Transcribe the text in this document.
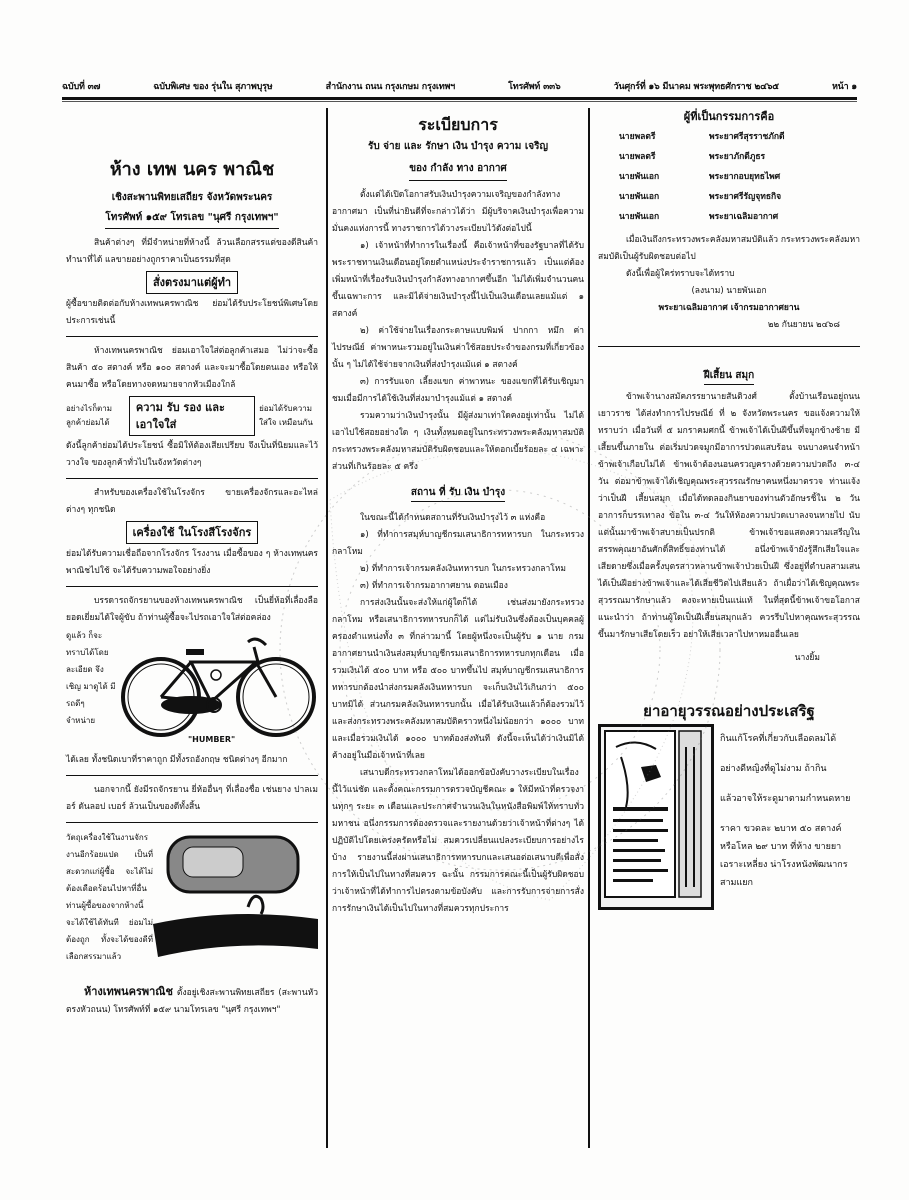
ฉบับที่ ๓๗	ฉบับพิเศษ ของ รุ่นใน สุภาพบุรุษ	สำนักงาน ถนน กรุงเกษม กรุงเทพฯ	โทรศัพท์ ๓๓๖	วันศุกร์ที่ ๑๖ มีนาคม พระพุทธศักราช ๒๔๖๕	หน้า ๑
ห้าง เทพ นคร พาณิช
เชิงสะพานพิทยเสถียร จังหวัดพระนคร
โทรศัพท์ ๑๕๙ โทรเลข "นุศรี กรุงเทพฯ"

สินค้าต่างๆ ที่มีจำหน่ายที่ห้างนี้ ล้วนเลือกสรรแต่ของดีสินค้าทำนาที่ได้ แลขายอย่างถูกราคาเป็นธรรมที่สุด

สั่งตรงมาแต่ผู้ทำ

ผู้ซื้อขายติดต่อกับห้างเทพนครพาณิช ย่อมได้รับประโยชน์พิเศษโดยประการเช่นนี้

ห้างเทพนครพาณิช ย่อมเอาใจใส่ต่อลูกค้าเสมอ ไม่ว่าจะซื้อสินค้า ๕๐ สตางค์ หรือ ๑๐๐ สตางค์ และจะมาซื้อโดยตนเอง หรือให้คนมาซื้อ หรือโดยทางจดหมายจากหัวเมืองใกล้

อย่างไรก็ตาม ลูกค้าย่อมได้
ความ รับ รอง และ เอาใจใส่
ย่อมได้รับความใส่ใจ เหมือนกัน

ดังนี้ลูกค้าย่อมได้ประโยชน์ ซื้อมิให้ต้องเสียเปรียบ จึงเป็นที่นิยมและไว้วางใจ ของลูกค้าทั่วไปในจังหวัดต่างๆ

สำหรับของเครื่องใช้ในโรงจักร ขายเครื่องจักรและอะไหล่ต่างๆ ทุกชนิด

เครื่องใช้ ในโรงสีโรงจักร

ย่อมได้รับความเชื่อถือจากโรงจักร โรงงาน เมื่อซื้อของ ๆ ห้างเทพนครพาณิชไปใช้ จะได้รับความพอใจอย่างยิ่ง

บรรดารถจักรยานของห้างเทพนครพาณิช เป็นยี่ห้อที่เลื่องลือ ยอดเยี่ยมได้ใจผู้ขับ ถ้าท่านผู้ซื้อจะไปรถเอาใจใส่ต่อคล่อง

ดูแล้ว ก็จะทราบได้โดยละเอียด จึงเชิญ มาดูได้ มีรถดีๆ จำหน่าย
"HUMBER"

ได้เลย ทั้งชนิดเบาที่ราคาถูก มีทั้งรถอังกฤษ ชนิดต่างๆ อีกมาก

นอกจากนี้ ยังมีรถจักรยาน ยี่ห้ออื่นๆ ที่เลื่องชื่อ เช่นยาง ปาลเมอร์ ดันลอป เบอร์ ล้วนเป็นของดีทั้งสิ้น

วัตถุเครื่องใช้ในงานจักร งานอีกร้อยแปด เป็นที่สะดวกแก่ผู้ซื้อ จะได้ไม่ต้องเดือดร้อนไปหาที่อื่น ท่านผู้ซื้อของจากห้างนี้ จะได้ใช้ได้ทันที ย่อมไม่ต้องถูก ทั้งจะได้ของดีที่เลือกสรรมาแล้ว

ห้างเทพนครพาณิช ตั้งอยู่เชิงสะพานพิทยเสถียร (สะพานหัว ตรงหัวถนน) โทรศัพท์ที่ ๑๕๙ นามโทรเลข "นุศรี กรุงเทพฯ"

ระเบียบการ
รับ จ่าย และ รักษา เงิน บำรุง ความ เจริญ
ของ กำลัง ทาง อากาศ

ตั้งแต่ได้เปิดโอกาสรับเงินบำรุงความเจริญของกำลังทางอากาศมา เป็นที่น่ายินดีที่จะกล่าวได้ว่า มีผู้บริจาคเงินบำรุงเพื่อความมั่นคงแห่งการนี้ ทางราชการได้วางระเบียบไว้ดังต่อไปนี้

๑) เจ้าหน้าที่ทำการในเรื่องนี้ คือเจ้าหน้าที่ของรัฐบาลที่ได้รับพระราชทานเงินเดือนอยู่โดยตำแหน่งประจำราชการแล้ว เป็นแต่ต้องเพิ่มหน้าที่เรื่องรับเงินบำรุงกำลังทางอากาศขึ้นอีก ไม่ได้เพิ่มจำนวนคนขึ้นเฉพาะการ และมิได้จ่ายเงินบำรุงนี้ไปเป็นเงินเดือนเลยแม้แต่ ๑ สตางค์

๒) ค่าใช้จ่ายในเรื่องกระดาษแบบพิมพ์ ปากกา หมึก ค่าไปรษณีย์ ค่าพาหนะรวมอยู่ในเงินค่าใช้สอยประจำของกรมที่เกี่ยวข้องนั้น ๆ ไม่ได้ใช้จ่ายจากเงินที่ส่งบำรุงแม้แต่ ๑ สตางค์

๓) การรับแจก เลี้ยงแขก ค่าพาหนะ ของแขกที่ได้รับเชิญมาชมเมื่อมีการได้ใช้เงินที่ส่งมาบำรุงแม้แต่ ๑ สตางค์

รวมความว่าเงินบำรุงนั้น มีผู้ส่งมาเท่าใดคงอยู่เท่านั้น ไม่ได้เอาไปใช้สอยอย่างใด ๆ เงินทั้งหมดอยู่ในกระทรวงพระคลังมหาสมบัติ กระทรวงพระคลังมหาสมบัติรับผิดชอบและให้ดอกเบี้ยร้อยละ ๔ เฉพาะส่วนที่เกินร้อยละ ๕ ครึ่ง

สถาน ที่ รับ เงิน บำรุง

ในขณะนี้ได้กำหนดสถานที่รับเงินบำรุงไว้ ๓ แห่งคือ

๑) ที่ทำการสมุห์บาญชีกรมเสนาธิการทหารบก ในกระทรวงกลาโหม

๒) ที่ทำการเจ้ากรมคลังเงินทหารบก ในกระทรวงกลาโหม

๓) ที่ทำการเจ้ากรมอากาศยาน ดอนเมือง

การส่งเงินนั้นจะส่งให้แก่ผู้ใดก็ได้ เช่นส่งมายังกระทรวงกลาโหม หรือเสนาธิการทหารบกก็ได้ แต่ไม่รับเงินซึ่งต้องเป็นบุคคลผู้ครองตำแหน่งทั้ง ๓ ที่กล่าวมานี้ โดยผู้หนึ่งจะเป็นผู้รับ ๑ นาย กรมอากาศยานนำเงินส่งสมุห์บาญชีกรมเสนาธิการทหารบกทุกเดือน เมื่อรวมเงินได้ ๕๐๐ บาท หรือ ๕๐๐ บาทขึ้นไป สมุห์บาญชีกรมเสนาธิการทหารบกต้องนำส่งกรมคลังเงินทหารบก จะเก็บเงินไว้เกินกว่า ๕๐๐ บาทมิได้ ส่วนกรมคลังเงินทหารบกนั้น เมื่อได้รับเงินแล้วก็ต้องรวมไว้และส่งกระทรวงพระคลังมหาสมบัติคราวหนึ่งไม่น้อยกว่า ๑๐๐๐ บาท และเมื่อรวมเงินได้ ๑๐๐๐ บาทต้องส่งทันที ดังนี้จะเห็นได้ว่าเงินมิได้ค้างอยู่ในมือเจ้าหน้าที่เลย

เสนาบดีกระทรวงกลาโหมได้ออกข้อบังคับวางระเบียบในเรื่องนี้ไว้แน่ชัด และตั้งคณะกรรมการตรวจบัญชีคณะ ๑ ให้มีหน้าที่ตรวจงานทุกๆ ระยะ ๓ เดือนและประกาศจำนวนเงินในหนังสือพิมพ์ให้ทราบทั่วมหาชน อนึ่งกรรมการต้องตรวจและรายงานด้วยว่าเจ้าหน้าที่ต่างๆ ได้ปฏิบัติไปโดยเคร่งครัดหรือไม่ สมควรเปลี่ยนแปลงระเบียบการอย่างไรบ้าง รายงานนี้ส่งผ่านเสนาธิการทหารบกและเสนอต่อเสนาบดีเพื่อสั่งการให้เป็นไปในทางที่สมควร ฉะนั้น กรรมการคณะนี้เป็นผู้รับผิดชอบว่าเจ้าหน้าที่ได้ทำการไปตรงตามข้อบังคับ และการรับการจ่ายการสั่งการรักษาเงินได้เป็นไปในทางที่สมควรทุกประการ

ผู้ที่เป็นกรรมการคือ
นายพลตรี	พระยาศรีสุรราชภักดี
นายพลตรี	พระยาภักดีภูธร
นายพันเอก	พระยากอบยุทธไพศ
นายพันเอก	พระยาศรีรัญจุทธกิจ
นายพันเอก	พระยาเฉลิมอากาศ

เมื่อเงินถึงกระทรวงพระคลังมหาสมบัติแล้ว กระทรวงพระคลังมหาสมบัติเป็นผู้รับผิดชอบต่อไป

ดังนี้เพื่อผู้ใคร่ทราบจะได้ทราบ

(ลงนาม) นายพันเอก
พระยาเฉลิมอากาศ เจ้ากรมอากาศยาน
๒๒ กันยายน ๒๔๖๘
ฝีเสี้ยน สมุก

ข้าพเจ้านางสมัคภรรยานายสันติวงศ์ ตั้งบ้านเรือนอยู่ถนนเยาวราช ได้ส่งทำการไปรษณีย์ ที่ ๒ จังหวัดพระนคร ขอแจ้งความให้ทราบว่า เมื่อวันที่ ๕ มกราคมศกนี้ ข้าพเจ้าได้เป็นฝีขึ้นที่จมูกข้างซ้าย มีเสี้ยนขึ้นภายใน ต่อเริ่มปวดจมูกมีอาการปวดแสบร้อน จนบางคนจำหน้าข้าพเจ้าเกือบไม่ได้ ข้าพเจ้าต้องนอนครวญครางด้วยความปวดถึง ๓-๔ วัน ต่อมาข้าพเจ้าได้เชิญคุณพระสุวรรณรักษาคนหนึ่งมาตรวจ ท่านแจ้งว่าเป็นฝี เสี้ยนสมุก เมื่อได้ทดลองกินยาของท่านตัวอักษรชิ้ใน ๒ วันอาการก็บรรเทาลง ข้อใน ๓-๔ วันให้ห้องความปวดเบาลงจนหายไป นับแต่นั้นมาข้าพเจ้าสบายเป็นปรกติ ข้าพเจ้าขอแสดงความเสรีญในสรรพคุณยาอันศักดิ์สิทธิ์ของท่านได้ อนึ่งข้าพเจ้ายังรู้สึกเสียใจและเสียดายซึ่งเมื่อครั้งบุตรสาวหลานข้าพเจ้าป่วยเป็นฝี ซึ่งอยู่ที่ตำบลสามเสนได้เป็นฝีอย่างข้าพเจ้าและได้เสียชีวิตไปเสียแล้ว ถ้าเผื่อว่าได้เชิญคุณพระสุวรรณมารักษาแล้ว คงจะหายเป็นแน่แท้ ในที่สุดนี้ข้าพเจ้าขอโอกาสแนะนำว่า ถ้าท่านผู้ใดเป็นฝีเสี้ยนสมุกแล้ว ควรรีบไปหาคุณพระสุวรรณ ขึ้นมารักษาเสียโดยเร็ว อย่าให้เสียเวลาไปหาหมออื่นเลย

นางยิ้ม
ยาอายุวรรณอย่างประเสริฐ
กินแก้โรคที่เกี่ยวกับเลือดลมได้
อย่างดีหญิงที่ดูไม่งาม ถ้ากิน
แล้วอาจให้ระดูมาตามกำหนดหาย
ราคา ขวดละ ๒บาท ๕๐ สตางค์
หรือโหล ๒๙ บาท ที่ห้าง ขายยา
เอราะเหลี่ยง น่าโรงหนังพัฒนากร
สามแยก
